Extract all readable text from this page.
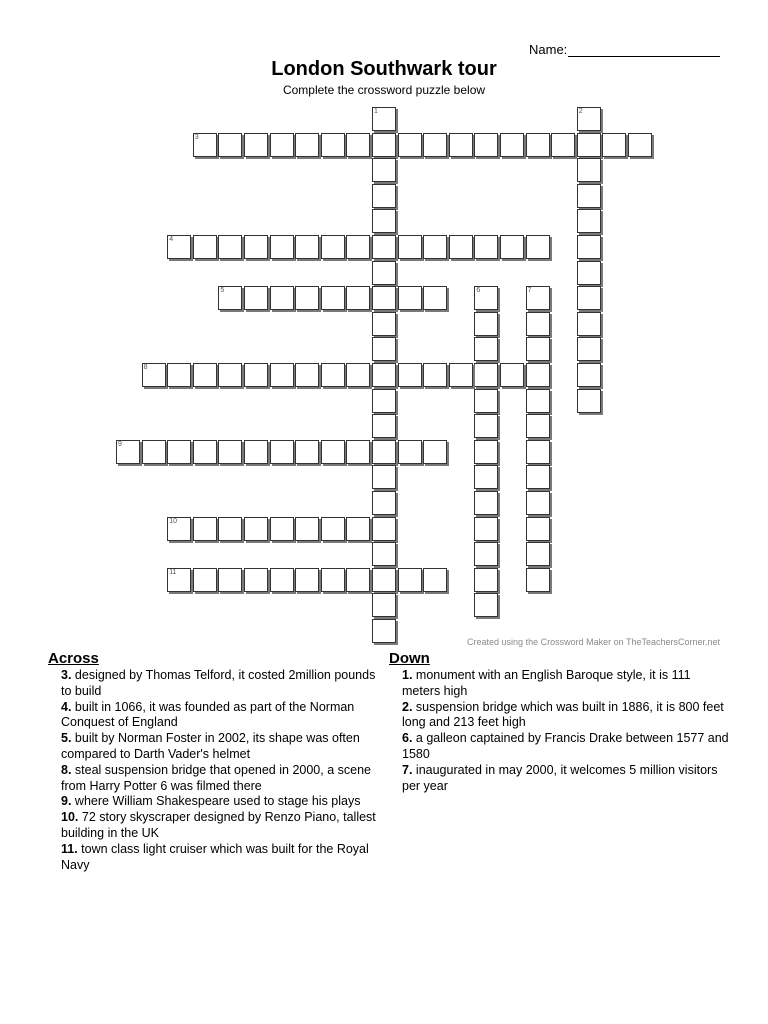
Name:
London Southwark tour
Complete the crossword puzzle below
1	2
3
4
5	6	7
8
9
10
11
Created using the Crossword Maker on TheTeachersCorner.net
Across
3. designed by Thomas Telford, it costed 2million pounds to build
4. built in 1066, it was founded as part of the Norman Conquest of England
5. built by Norman Foster in 2002, its shape was often compared to Darth Vader's helmet
8. steal suspension bridge that opened in 2000, a scene from Harry Potter 6 was filmed there
9. where William Shakespeare used to stage his plays
10. 72 story skyscraper designed by Renzo Piano, tallest building in the UK
11. town class light cruiser which was built for the Royal Navy
Down
1. monument with an English Baroque style, it is 111 meters high
2. suspension bridge which was built in 1886, it is 800 feet long and 213 feet high
6. a galleon captained by Francis Drake between 1577 and 1580
7. inaugurated in may 2000, it welcomes 5 million visitors per year
